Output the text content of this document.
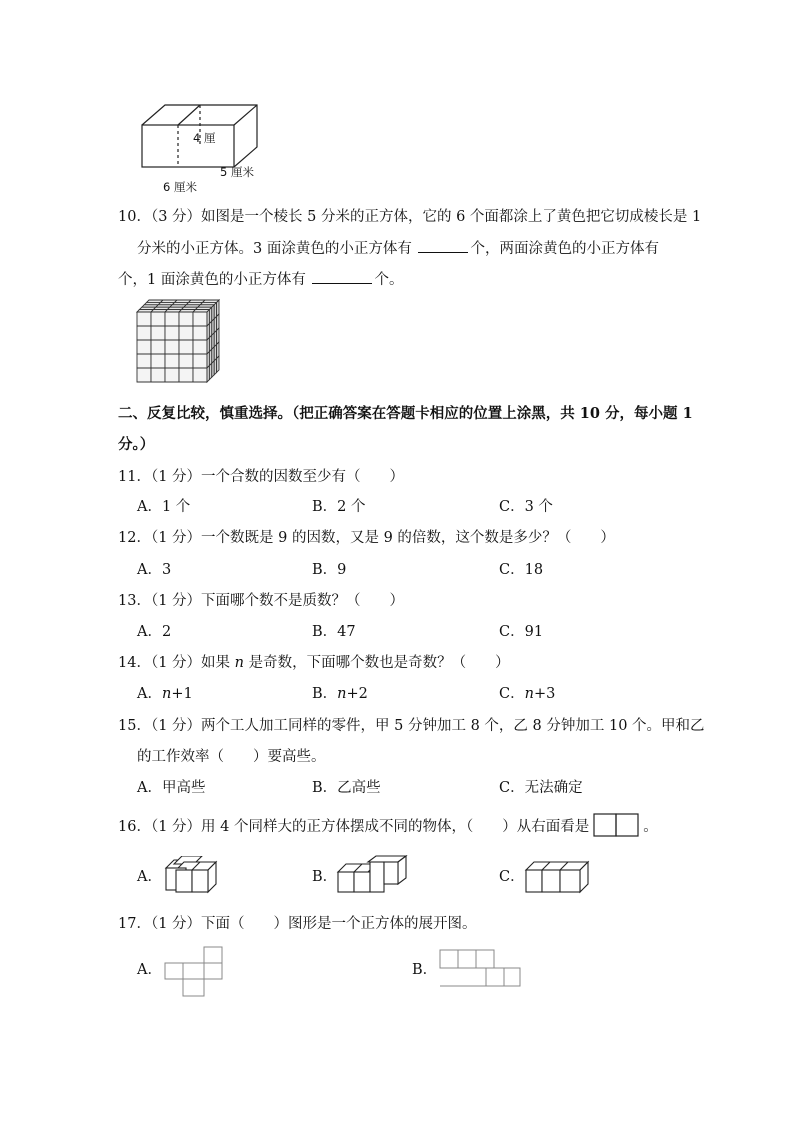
4 厘
5 厘米
6 厘米
10．（3 分）如图是一个棱长 5 分米的正方体，它的 6 个面都涂上了黄色把它切成棱长是 1
分米的小正方体。3 面涂黄色的小正方体有	个，两面涂黄色的小正方体有
个，1 面涂黄色的小正方体有	个。
二、反复比较，慎重选择。（把正确答案在答题卡相应的位置上涂黑，共 10 分，每小题 1
分。）
11．（1 分）一个合数的因数至少有（　　）
A．1 个	B．2 个	C．3 个
12．（1 分）一个数既是 9 的因数，又是 9 的倍数，这个数是多少？（　　）
A．3	B．9	C．18
13．（1 分）下面哪个数不是质数？（　　）
A．2	B．47	C．91
14．（1 分）如果 n 是奇数，下面哪个数也是奇数？（　　）
A．n+1	B．n+2	C．n+3
15．（1 分）两个工人加工同样的零件，甲 5 分钟加工 8 个，乙 8 分钟加工 10 个。甲和乙
的工作效率（　　）要高些。
A．甲高些	B．乙高些	C．无法确定
16．（1 分）用 4 个同样大的正方体摆成不同的物体，（　　）从右面看是	。
A．	B．	C．
17．（1 分）下面（　　）图形是一个正方体的展开图。
A．	B．
